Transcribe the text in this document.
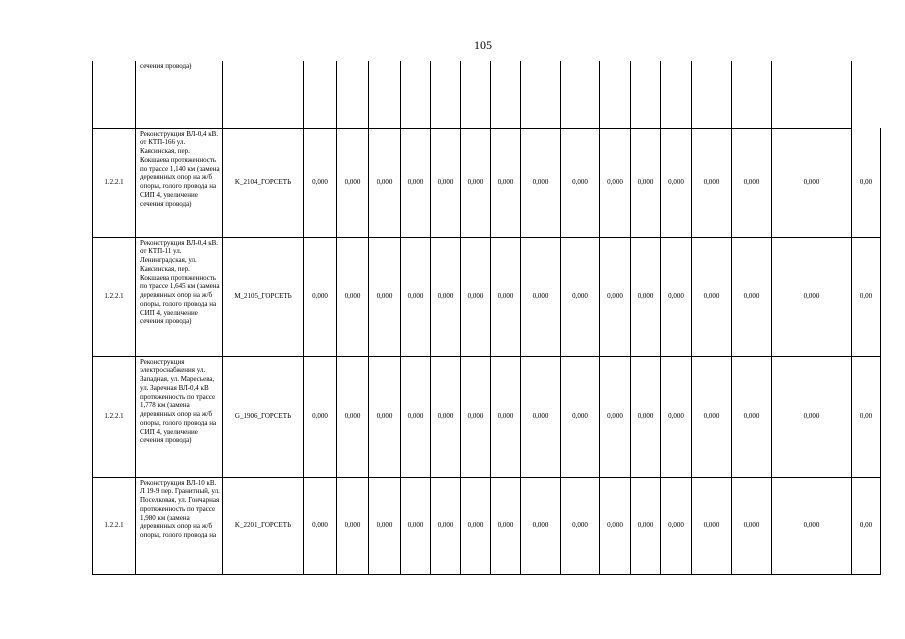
105
	сечения провода)																	
1.2.2.1	Реконструкция ВЛ-0,4 кВ. от КТП-166 ул. Каясинская, пер. Кокшаева протяженность по трассе 1,140 км (замена деревянных опор на ж/б опоры, голого провода на СИП 4, увеличение сечения провода)	K_2104_ГОРСЕТЬ	0,000	0,000	0,000	0,000	0,000	0,000	0,000	0,000	0,000	0,000	0,000	0,000	0,000	0,000	0,000	0,00
1.2.2.1	Реконструкция ВЛ-0,4 кВ. от КТП-11 ул. Ленинградская, ул. Каясинская, пер. Кокшаева протяженность по трассе 1,645 км (замена деревянных опор на ж/б опоры, голого провода на СИП 4, увеличение сечения провода)	M_2105_ГОРСЕТЬ	0,000	0,000	0,000	0,000	0,000	0,000	0,000	0,000	0,000	0,000	0,000	0,000	0,000	0,000	0,000	0,00
1.2.2.1	Реконструкция электроснабжения ул. Западная, ул. Маресьева, ул. Заречная ВЛ-0,4 кВ протяженность по трассе 1,778 км (замена деревянных опор на ж/б опоры, голого провода на СИП 4, увеличение сечения провода)	G_1906_ГОРСЕТЬ	0,000	0,000	0,000	0,000	0,000	0,000	0,000	0,000	0,000	0,000	0,000	0,000	0,000	0,000	0,000	0,00
1.2.2.1	Реконструкция ВЛ-10 кВ. Л 19-9 пер. Гранитный, ул. Поселковая, ул. Гончарная протяженность по трассе 1,980 км (замена деревянных опор на ж/б опоры, голого провода на	K_2201_ГОРСЕТЬ	0,000	0,000	0,000	0,000	0,000	0,000	0,000	0,000	0,000	0,000	0,000	0,000	0,000	0,000	0,000	0,00
